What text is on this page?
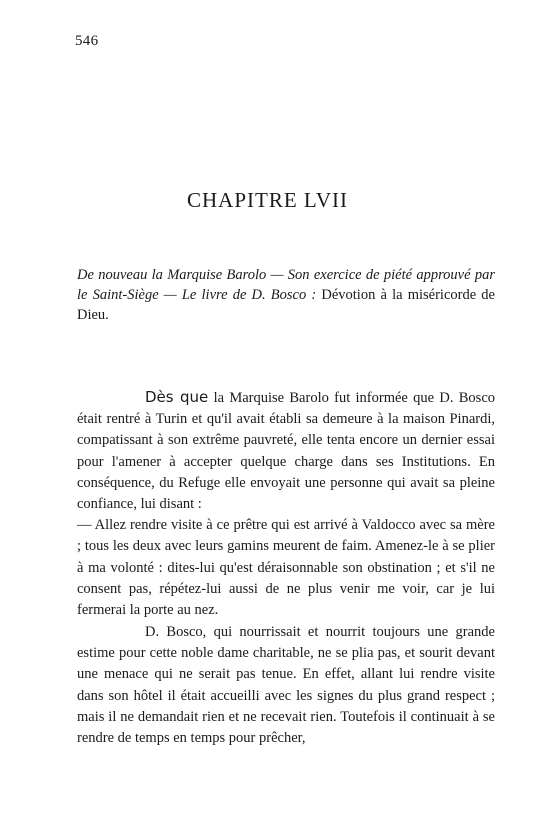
546
CHAPITRE LVII
De nouveau la Marquise Barolo — Son exercice de piété approuvé par le Saint-Siège — Le livre de D. Bosco : Dévotion à la miséricorde de Dieu.
Dès que la Marquise Barolo fut informée que D. Bosco était rentré à Turin et qu'il avait établi sa demeure à la maison Pinardi, compatissant à son extrême pauvreté, elle tenta encore un dernier essai pour l'amener à accepter quelque charge dans ses Institutions. En conséquence, du Refuge elle envoyait une personne qui avait sa pleine confiance, lui disant :
— Allez rendre visite à ce prêtre qui est arrivé à Valdocco avec sa mère ; tous les deux avec leurs gamins meurent de faim. Amenez-le à se plier à ma volonté : dites-lui qu'est déraisonnable son obstination ; et s'il ne consent pas, répétez-lui aussi de ne plus venir me voir, car je lui fermerai la porte au nez.
D. Bosco, qui nourrissait et nourrit toujours une grande estime pour cette noble dame charitable, ne se plia pas, et sourit devant une menace qui ne serait pas tenue. En effet, allant lui rendre visite dans son hôtel il était accueilli avec les signes du plus grand respect ; mais il ne demandait rien et ne recevait rien. Toutefois il continuait à se rendre de temps en temps pour prêcher,
